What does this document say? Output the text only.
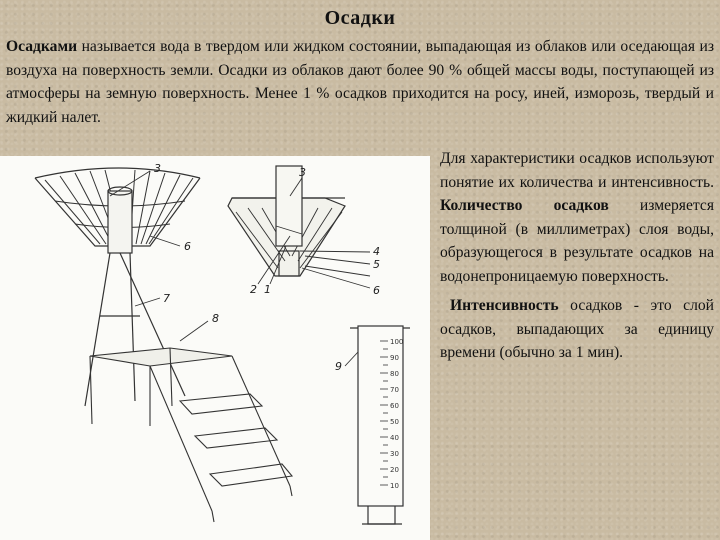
Осадки
Осадками называется вода в твердом или жидком состоянии, выпадающая из облаков или оседающая из воздуха на поверхность земли. Осадки из облаков дают более 90 % общей массы воды, поступающей из атмосферы на земную поверхность. Менее 1 % осадков приходится на росу, иней, изморозь, твердый и жидкий налет.
100
90
80
70
60
50
40
30
20
10
3
6
7
8
3
4
5
6
2 1
9

Для характеристики осадков используют понятие их количества и интенсивность. Количество осадков измеряется толщиной (в миллиметрах) слоя воды, образующегося в результате осадков на водонепроницаемую поверхность.

Интенсивность осадков - это слой осадков, выпадающих за единицу времени (обычно за 1 мин).
